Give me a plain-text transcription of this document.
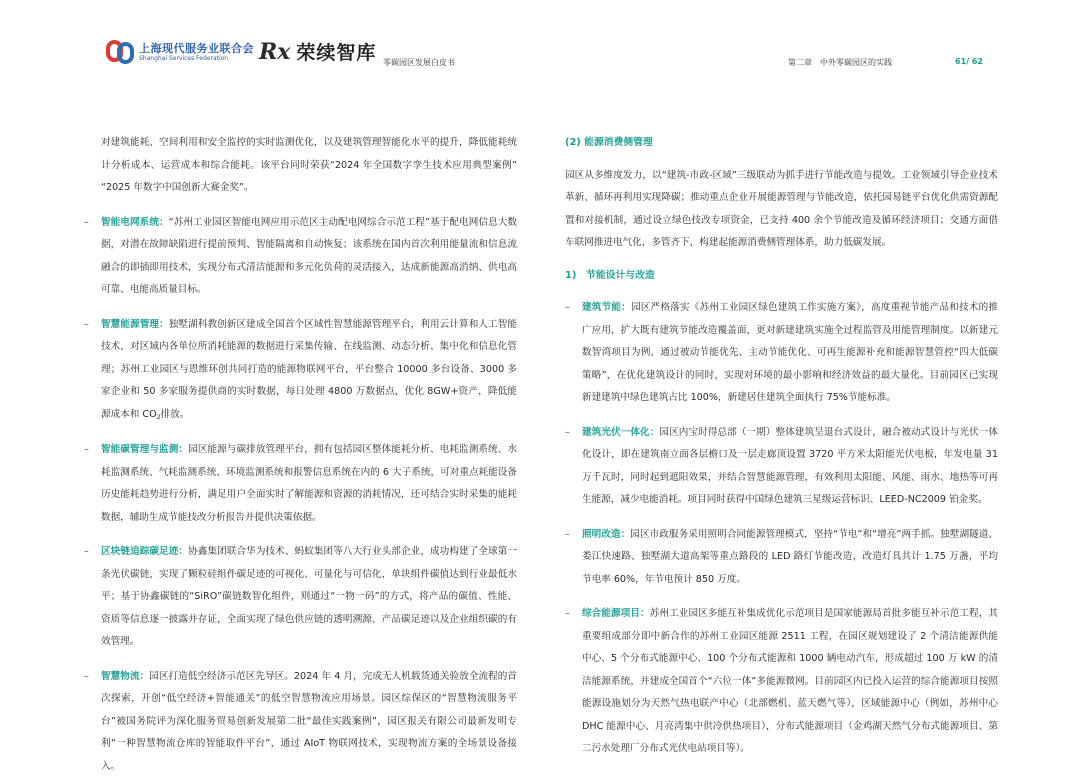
上海现代服务业联合会
Shanghai Services Federation	Rx 荣续智库 零碳园区发展白皮书	第二章　中外零碳园区的实践	61/ 62
对建筑能耗、空间利用和安全监控的实时监测优化，以及建筑管理智能化水平的提升，降低能耗统计分析成本、运营成本和综合能耗。该平台同时荣获“2024 年全国数字孪生技术应用典型案例” “2025 年数字中国创新大赛金奖”。
– 智能电网系统：“苏州工业园区智能电网应用示范区主动配电网综合示范工程”基于配电网信息大数据，对潜在故障缺陷进行提前预判、智能隔离和自动恢复；该系统在国内首次利用能量流和信息流融合的即插即用技术，实现分布式清洁能源和多元化负荷的灵活接入，达成新能源高消纳、供电高可靠、电能高质量目标。
– 智慧能源管理：独墅湖科教创新区建成全国首个区域性智慧能源管理平台，利用云计算和人工智能技术，对区域内各单位所消耗能源的数据进行采集传输、在线监测、动态分析、集中化和信息化管理；苏州工业园区与恩维环创共同打造的能源物联网平台，平台整合 10000 多台设备、3000 多家企业和 50 多家服务提供商的实时数据，每日处理 4800 万数据点，优化 8GW+资产，降低能源成本和 $CO_2$排放。
– 智能碳管理与监测：园区能源与碳排放管理平台，拥有包括园区整体能耗分析、电耗监测系统、水耗监测系统、气耗监测系统、环境监测系统和报警信息系统在内的 6 大子系统，可对重点耗能设备历史能耗趋势进行分析，满足用户全面实时了解能源和资源的消耗情况，还可结合实时采集的能耗数据，辅助生成节能技改分析报告并提供决策依据。
– 区块链追踪碳足迹：协鑫集团联合华为技术、蚂蚁集团等八大行业头部企业，成功构建了全球第一条光伏碳链，实现了颗粒硅组件碳足迹的可视化、可量化与可信化，单块组件碳值达到行业最低水平；基于协鑫碳链的“SiRO”碳链数智化组件，则通过“一物一码”的方式，将产品的碳值、性能、资质等信息逐一披露并存证，全面实现了绿色供应链的透明溯源、产品碳足迹以及企业组织碳的有效管理。
– 智慧物流：园区打造低空经济示范区先导区。2024 年 4 月，完成无人机载货通关验放全流程的首次探索，开创“低空经济+智能通关”的低空智慧物流应用场景。园区综保区的“智慧物流服务平台”被国务院评为深化服务贸易创新发展第二批“最佳实践案例”，园区报关有限公司最新发明专利“一种智慧物流仓库的智能取件平台”，通过 AIoT 物联网技术，实现物流方案的全场景设备接入。
(2) 能源消费侧管理
园区从多维度发力，以“建筑-市政-区域”三级联动为抓手进行节能改造与提效。工业领域引导企业技术革新、循环再利用实现降碳；推动重点企业开展能源管理与节能改造，依托园易链平台优化供需资源配置和对接机制，通过设立绿色技改专项资金，已支持 400 余个节能改造及循环经济项目；交通方面借车联网推进电气化，多管齐下，构建起能源消费侧管理体系，助力低碳发展。
1)　节能设计与改造
– 建筑节能：园区严格落实《苏州工业园区绿色建筑工作实施方案》，高度重视节能产品和技术的推广应用，扩大既有建筑节能改造覆盖面，更对新建建筑实施全过程监管及用能管理制度。以新建元数智湾项目为例，通过被动节能优先、主动节能优化、可再生能源补充和能源智慧管控“四大低碳策略”，在优化建筑设计的同时，实现对环境的最小影响和经济效益的最大量化。目前园区已实现新建建筑中绿色建筑占比 100%，新建居住建筑全面执行 75%节能标准。
– 建筑光伏一体化：园区内宝时得总部（一期）整体建筑呈退台式设计，融合被动式设计与光伏一体化设计，即在建筑南立面各层檐口及一层走廊顶设置 3720 平方米太阳能光伏电板，年发电量 31 万千瓦时，同时起到遮阳效果，并结合智慧能源管理，有效利用太阳能、风能、雨水、地热等可再生能源，减少电能消耗。项目同时获得中国绿色建筑三星级运营标识、LEED-NC2009 铂金奖。
– 照明改造：园区市政服务采用照明合同能源管理模式，坚持“节电”和“增亮”两手抓。独墅湖隧道、娄江快速路、独墅湖大道高架等重点路段的 LED 路灯节能改造，改造灯具共计 1.75 万盏，平均节电率 60%，年节电预计 850 万度。
– 综合能源项目：苏州工业园区多能互补集成优化示范项目是国家能源局首批多能互补示范工程，其重要组成部分即中新合作的苏州工业园区能源 2511 工程，在园区规划建设了 2 个清洁能源供能中心、5 个分布式能源中心、100 个分布式能源和 1000 辆电动汽车，形成超过 100 万 kW 的清洁能源系统，并建成全国首个“六位一体”多能源微网。目前园区内已投入运营的综合能源项目按照能源设施划分为天然气热电联产中心（北部燃机、蓝天燃气等），区域能源中心（例如，苏州中心 DHC 能源中心、月亮湾集中供冷供热项目），分布式能源项目（金鸡湖天然气分布式能源项目、第二污水处理厂分布式光伏电站项目等）。
